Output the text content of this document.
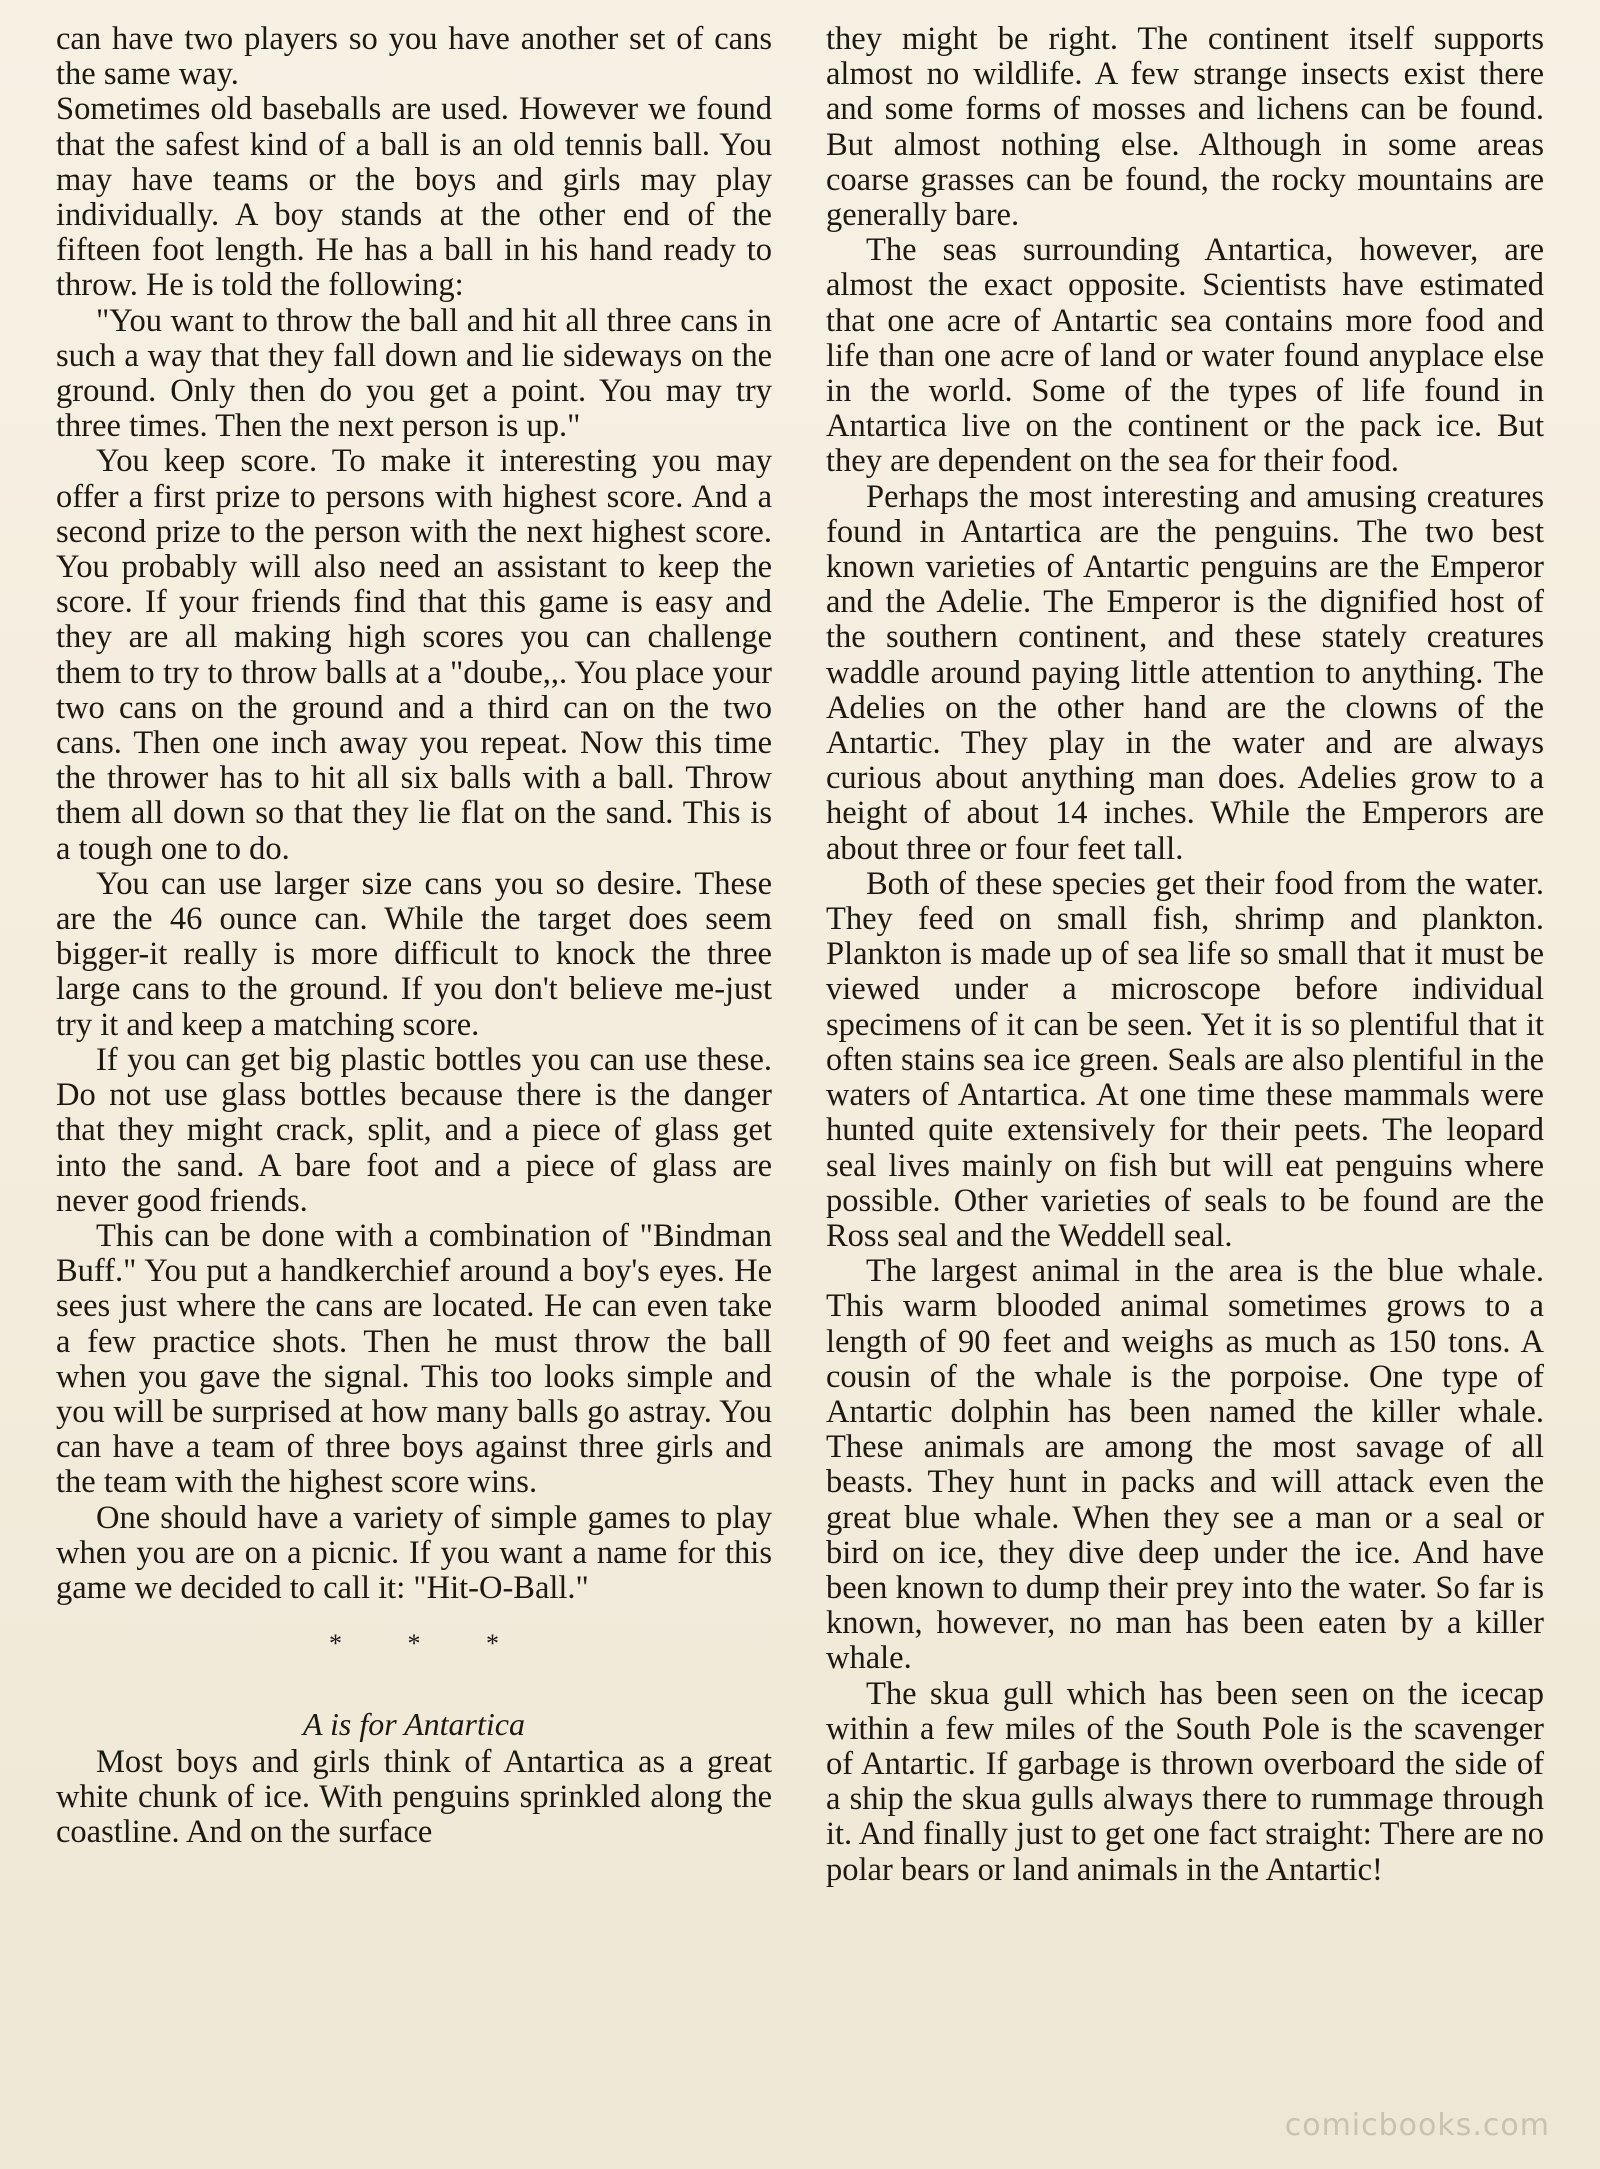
can have two players so you have another set of cans the same way.

Sometimes old baseballs are used. However we found that the safest kind of a ball is an old tennis ball. You may have teams or the boys and girls may play individually. A boy stands at the other end of the fifteen foot length. He has a ball in his hand ready to throw. He is told the following:

"You want to throw the ball and hit all three cans in such a way that they fall down and lie sideways on the ground. Only then do you get a point. You may try three times. Then the next person is up."

You keep score. To make it interesting you may offer a first prize to persons with highest score. And a second prize to the person with the next highest score. You probably will also need an assistant to keep the score. If your friends find that this game is easy and they are all making high scores you can challenge them to try to throw balls at a "doube,,. You place your two cans on the ground and a third can on the two cans. Then one inch away you repeat. Now this time the thrower has to hit all six balls with a ball. Throw them all down so that they lie flat on the sand. This is a tough one to do.

You can use larger size cans you so desire. These are the 46 ounce can. While the target does seem bigger-it really is more difficult to knock the three large cans to the ground. If you don't believe me-just try it and keep a matching score.

If you can get big plastic bottles you can use these. Do not use glass bottles because there is the danger that they might crack, split, and a piece of glass get into the sand. A bare foot and a piece of glass are never good friends.

This can be done with a combination of "Bindman Buff." You put a handkerchief around a boy's eyes. He sees just where the cans are located. He can even take a few practice shots. Then he must throw the ball when you gave the signal. This too looks simple and you will be surprised at how many balls go astray. You can have a team of three boys against three girls and the team with the highest score wins.

One should have a variety of simple games to play when you are on a picnic. If you want a name for this game we decided to call it: "Hit-O-Ball."

*	*	*
A is for Antartica

Most boys and girls think of Antartica as a great white chunk of ice. With penguins sprinkled along the coastline. And on the surface

they might be right. The continent itself supports almost no wildlife. A few strange insects exist there and some forms of mosses and lichens can be found. But almost nothing else. Although in some areas coarse grasses can be found, the rocky mountains are generally bare.

The seas surrounding Antartica, however, are almost the exact opposite. Scientists have estimated that one acre of Antartic sea contains more food and life than one acre of land or water found anyplace else in the world. Some of the types of life found in Antartica live on the continent or the pack ice. But they are dependent on the sea for their food.

Perhaps the most interesting and amusing creatures found in Antartica are the penguins. The two best known varieties of Antartic penguins are the Emperor and the Adelie. The Emperor is the dignified host of the southern continent, and these stately creatures waddle around paying little attention to anything. The Adelies on the other hand are the clowns of the Antartic. They play in the water and are always curious about anything man does. Adelies grow to a height of about 14 inches. While the Emperors are about three or four feet tall.

Both of these species get their food from the water. They feed on small fish, shrimp and plankton. Plankton is made up of sea life so small that it must be viewed under a microscope before individual specimens of it can be seen. Yet it is so plentiful that it often stains sea ice green. Seals are also plentiful in the waters of Antartica. At one time these mammals were hunted quite extensively for their peets. The leopard seal lives mainly on fish but will eat penguins where possible. Other varieties of seals to be found are the Ross seal and the Weddell seal.

The largest animal in the area is the blue whale. This warm blooded animal sometimes grows to a length of 90 feet and weighs as much as 150 tons. A cousin of the whale is the porpoise. One type of Antartic dolphin has been named the killer whale. These animals are among the most savage of all beasts. They hunt in packs and will attack even the great blue whale. When they see a man or a seal or bird on ice, they dive deep under the ice. And have been known to dump their prey into the water. So far is known, however, no man has been eaten by a killer whale.

The skua gull which has been seen on the icecap within a few miles of the South Pole is the scavenger of Antartic. If garbage is thrown overboard the side of a ship the skua gulls always there to rummage through it. And finally just to get one fact straight: There are no polar bears or land animals in the Antartic!

comicbooks.com
